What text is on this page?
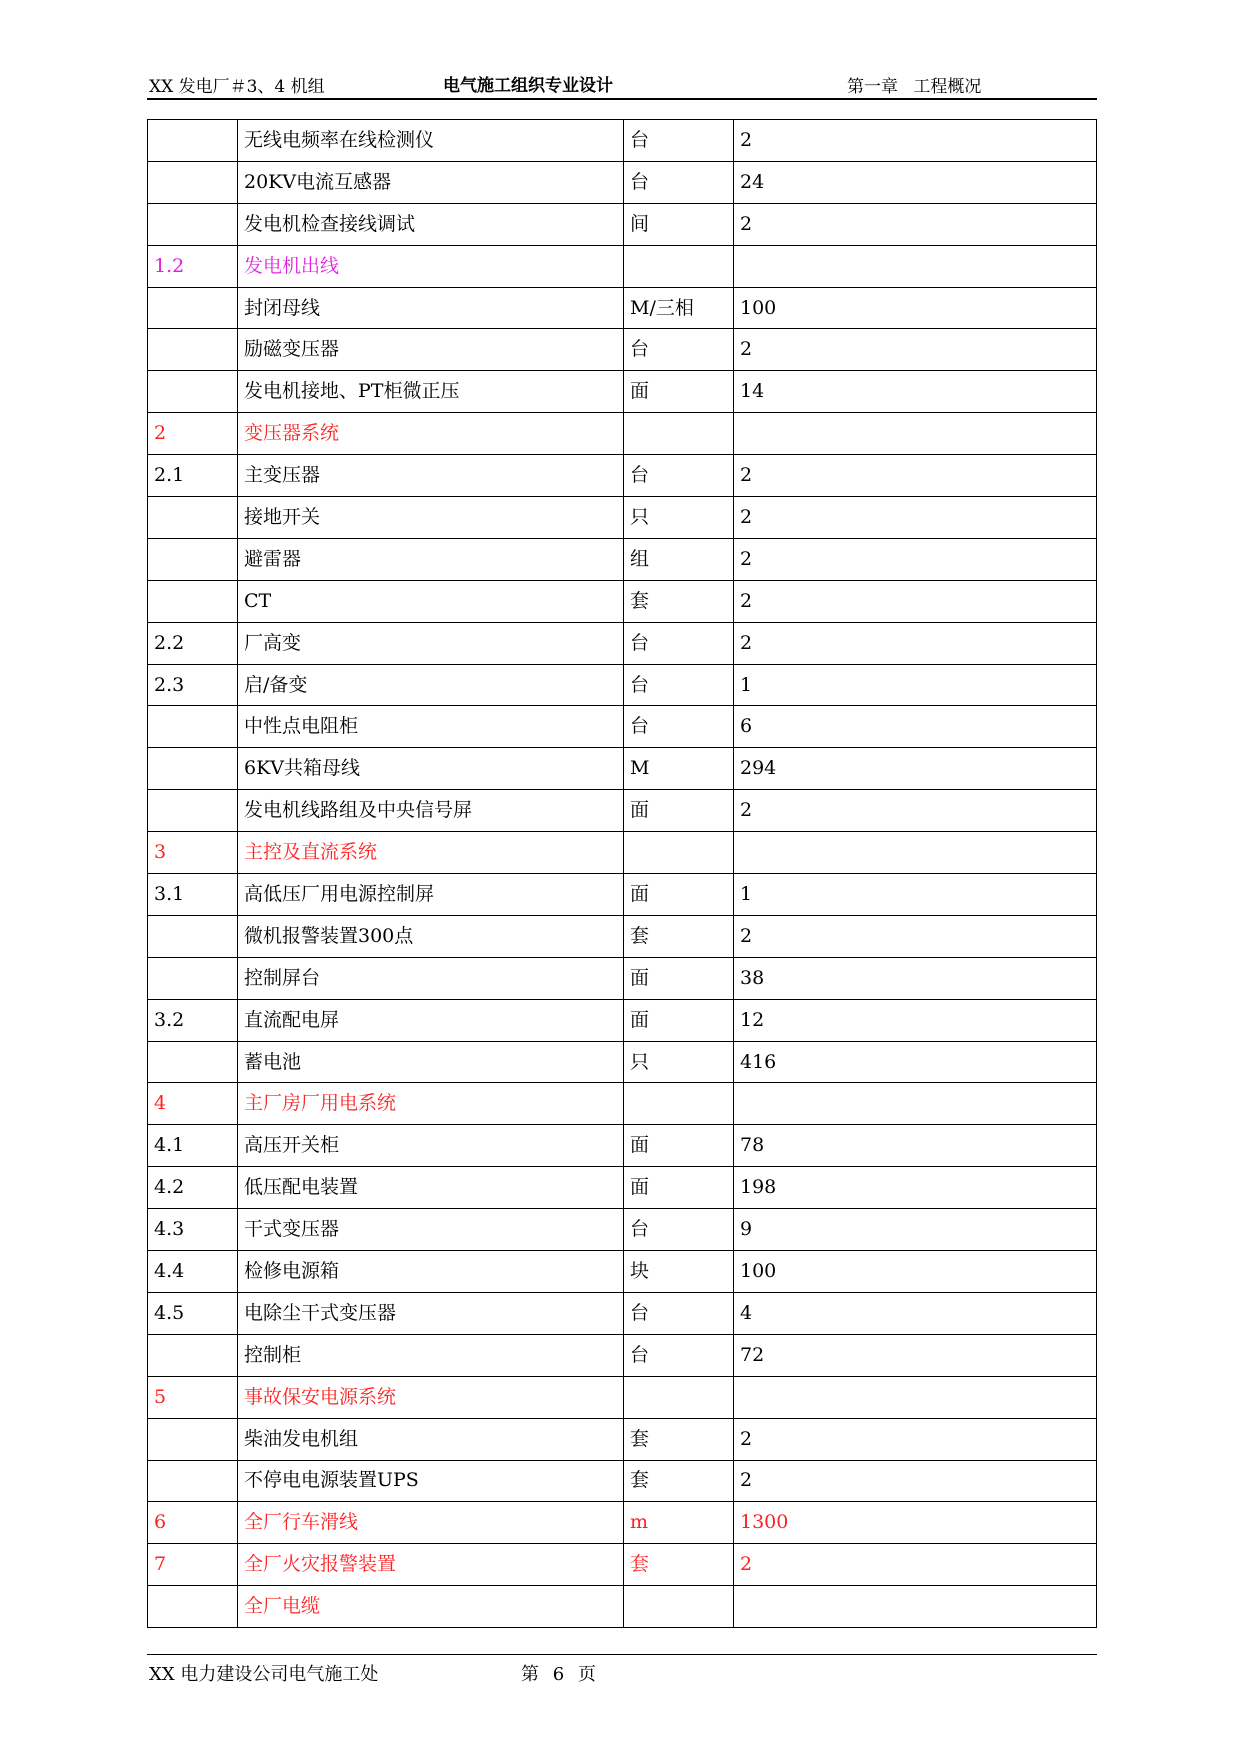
XX 发电厂＃3、4 机组	电气施工组织专业设计	第一章 工程概况
	无线电频率在线检测仪	台	2
	20KV电流互感器	台	24
	发电机检查接线调试	间	2
1.2	发电机出线		
	封闭母线	M/三相	100
	励磁变压器	台	2
	发电机接地、PT柜微正压	面	14
2	变压器系统		
2.1	主变压器	台	2
	接地开关	只	2
	避雷器	组	2
	CT	套	2
2.2	厂高变	台	2
2.3	启/备变	台	1
	中性点电阻柜	台	6
	6KV共箱母线	M	294
	发电机线路组及中央信号屏	面	2
3	主控及直流系统		
3.1	高低压厂用电源控制屏	面	1
	微机报警装置300点	套	2
	控制屏台	面	38
3.2	直流配电屏	面	12
	蓄电池	只	416
4	主厂房厂用电系统		
4.1	高压开关柜	面	78
4.2	低压配电装置	面	198
4.3	干式变压器	台	9
4.4	检修电源箱	块	100
4.5	电除尘干式变压器	台	4
	控制柜	台	72
5	事故保安电源系统		
	柴油发电机组	套	2
	不停电电源装置UPS	套	2
6	全厂行车滑线	m	1300
7	全厂火灾报警装置	套	2
	全厂电缆		
XX 电力建设公司电气施工处	第 6 页
